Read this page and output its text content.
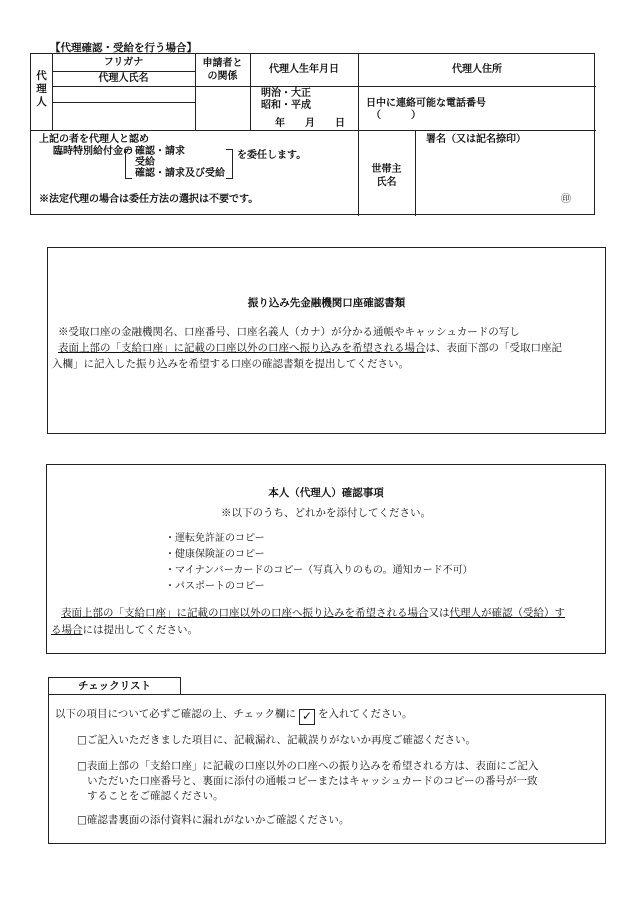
【代理確認・受給を行う場合】
代
理
人
フリガナ
代理人氏名
申請者と
の関係
代理人生年月日
明治・大正
昭和・平成
年　　月　　日
代理人住所
日中に連絡可能な電話番号
（　　　）
上記の者を代理人と認め
臨時特別給付金の 確認・請求
受給
確認・請求及び受給
を委任します。
※法定代理の場合は委任方法の選択は不要です。
世帯主
氏名
署名（又は記名捺印）
㊞
振り込み先金融機関口座確認書類
※受取口座の金融機関名、口座番号、口座名義人（カナ）が分かる通帳やキャッシュカードの写し
表面上部の「支給口座」に記載の口座以外の口座へ振り込みを希望される場合は、表面下部の「受取口座記
入欄」に記入した振り込みを希望する口座の確認書類を提出してください。
本人（代理人）確認事項
※以下のうち、どれかを添付してください。
・運転免許証のコピー
・健康保険証のコピー
・マイナンバーカードのコピー（写真入りのもの。通知カード不可）
・パスポートのコピー
表面上部の「支給口座」に記載の口座以外の口座へ振り込みを希望される場合又は代理人が確認（受給）す
る場合には提出してください。
チェックリスト
以下の項目について必ずご確認の上、チェック欄に ✓ を入れてください。
□ご記入いただきました項目に、記載漏れ、記載誤りがないか再度ご確認ください。
□表面上部の「支給口座」に記載の口座以外の口座への振り込みを希望される方は、表面にご記入
いただいた口座番号と、裏面に添付の通帳コピーまたはキャッシュカードのコピーの番号が一致
することをご確認ください。
□確認書裏面の添付資料に漏れがないかご確認ください。
